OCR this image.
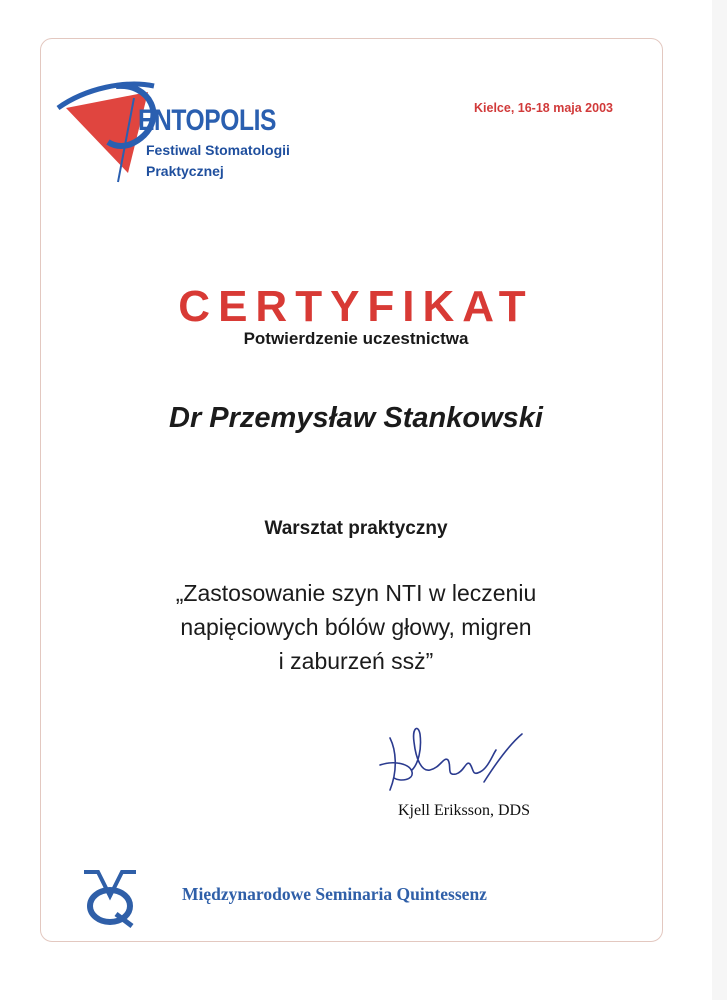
ENTOPOLIS
Festiwal Stomatologii
Praktycznej
Kielce, 16-18 maja 2003
CERTYFIKAT
Potwierdzenie uczestnictwa
Dr Przemysław Stankowski
Warsztat praktyczny
„Zastosowanie szyn NTI w leczeniu
napięciowych bólów głowy, migren
i zaburzeń ssż”
Kjell Eriksson, DDS
Międzynarodowe Seminaria Quintessenz
